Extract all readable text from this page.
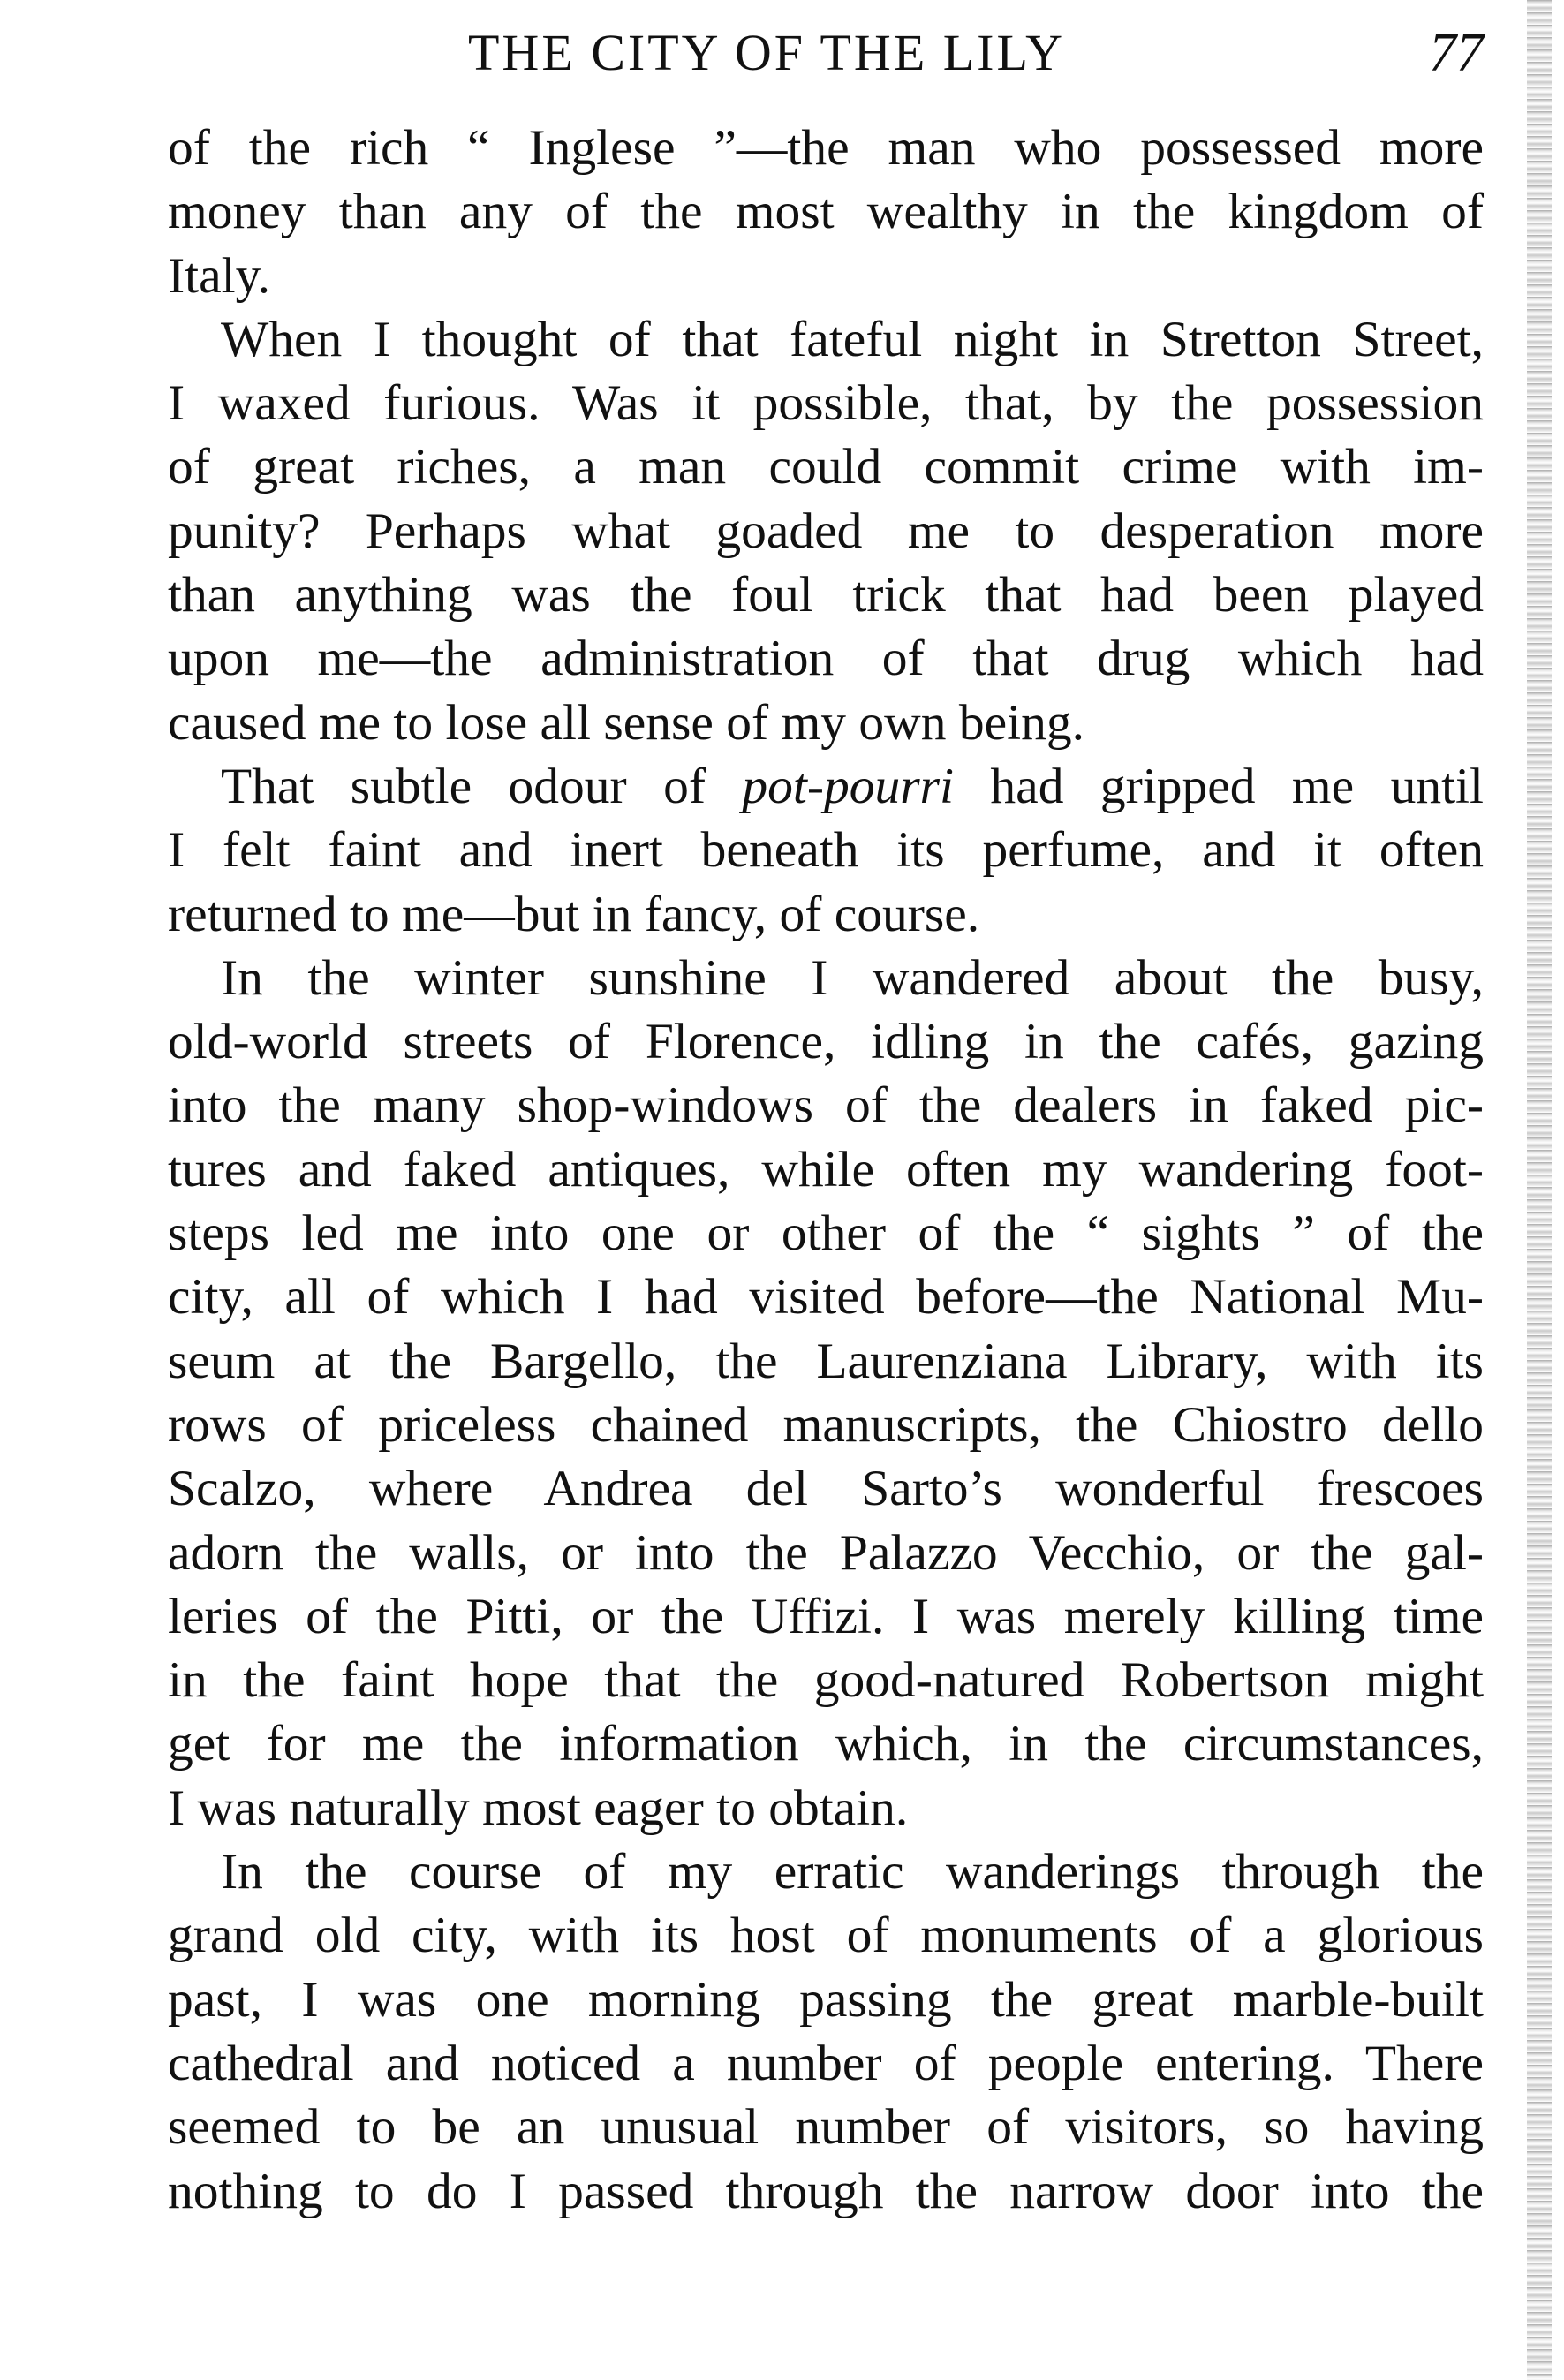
THE CITY OF THE LILY	77
of the rich “ Inglese ”—the man who possessed more
money than any of the most wealthy in the kingdom of
Italy.
When I thought of that fateful night in Stretton Street,
I waxed furious. Was it possible, that, by the possession
of great riches, a man could commit crime with im-
punity? Perhaps what goaded me to desperation more
than anything was the foul trick that had been played
upon me—the administration of that drug which had
caused me to lose all sense of my own being.
That subtle odour of pot-pourri had gripped me until
I felt faint and inert beneath its perfume, and it often
returned to me—but in fancy, of course.
In the winter sunshine I wandered about the busy,
old-world streets of Florence, idling in the cafés, gazing
into the many shop-windows of the dealers in faked pic-
tures and faked antiques, while often my wandering foot-
steps led me into one or other of the “ sights ” of the
city, all of which I had visited before—the National Mu-
seum at the Bargello, the Laurenziana Library, with its
rows of priceless chained manuscripts, the Chiostro dello
Scalzo, where Andrea del Sarto’s wonderful frescoes
adorn the walls, or into the Palazzo Vecchio, or the gal-
leries of the Pitti, or the Uffizi. I was merely killing time
in the faint hope that the good-natured Robertson might
get for me the information which, in the circumstances,
I was naturally most eager to obtain.
In the course of my erratic wanderings through the
grand old city, with its host of monuments of a glorious
past, I was one morning passing the great marble-built
cathedral and noticed a number of people entering. There
seemed to be an unusual number of visitors, so having
nothing to do I passed through the narrow door into the
